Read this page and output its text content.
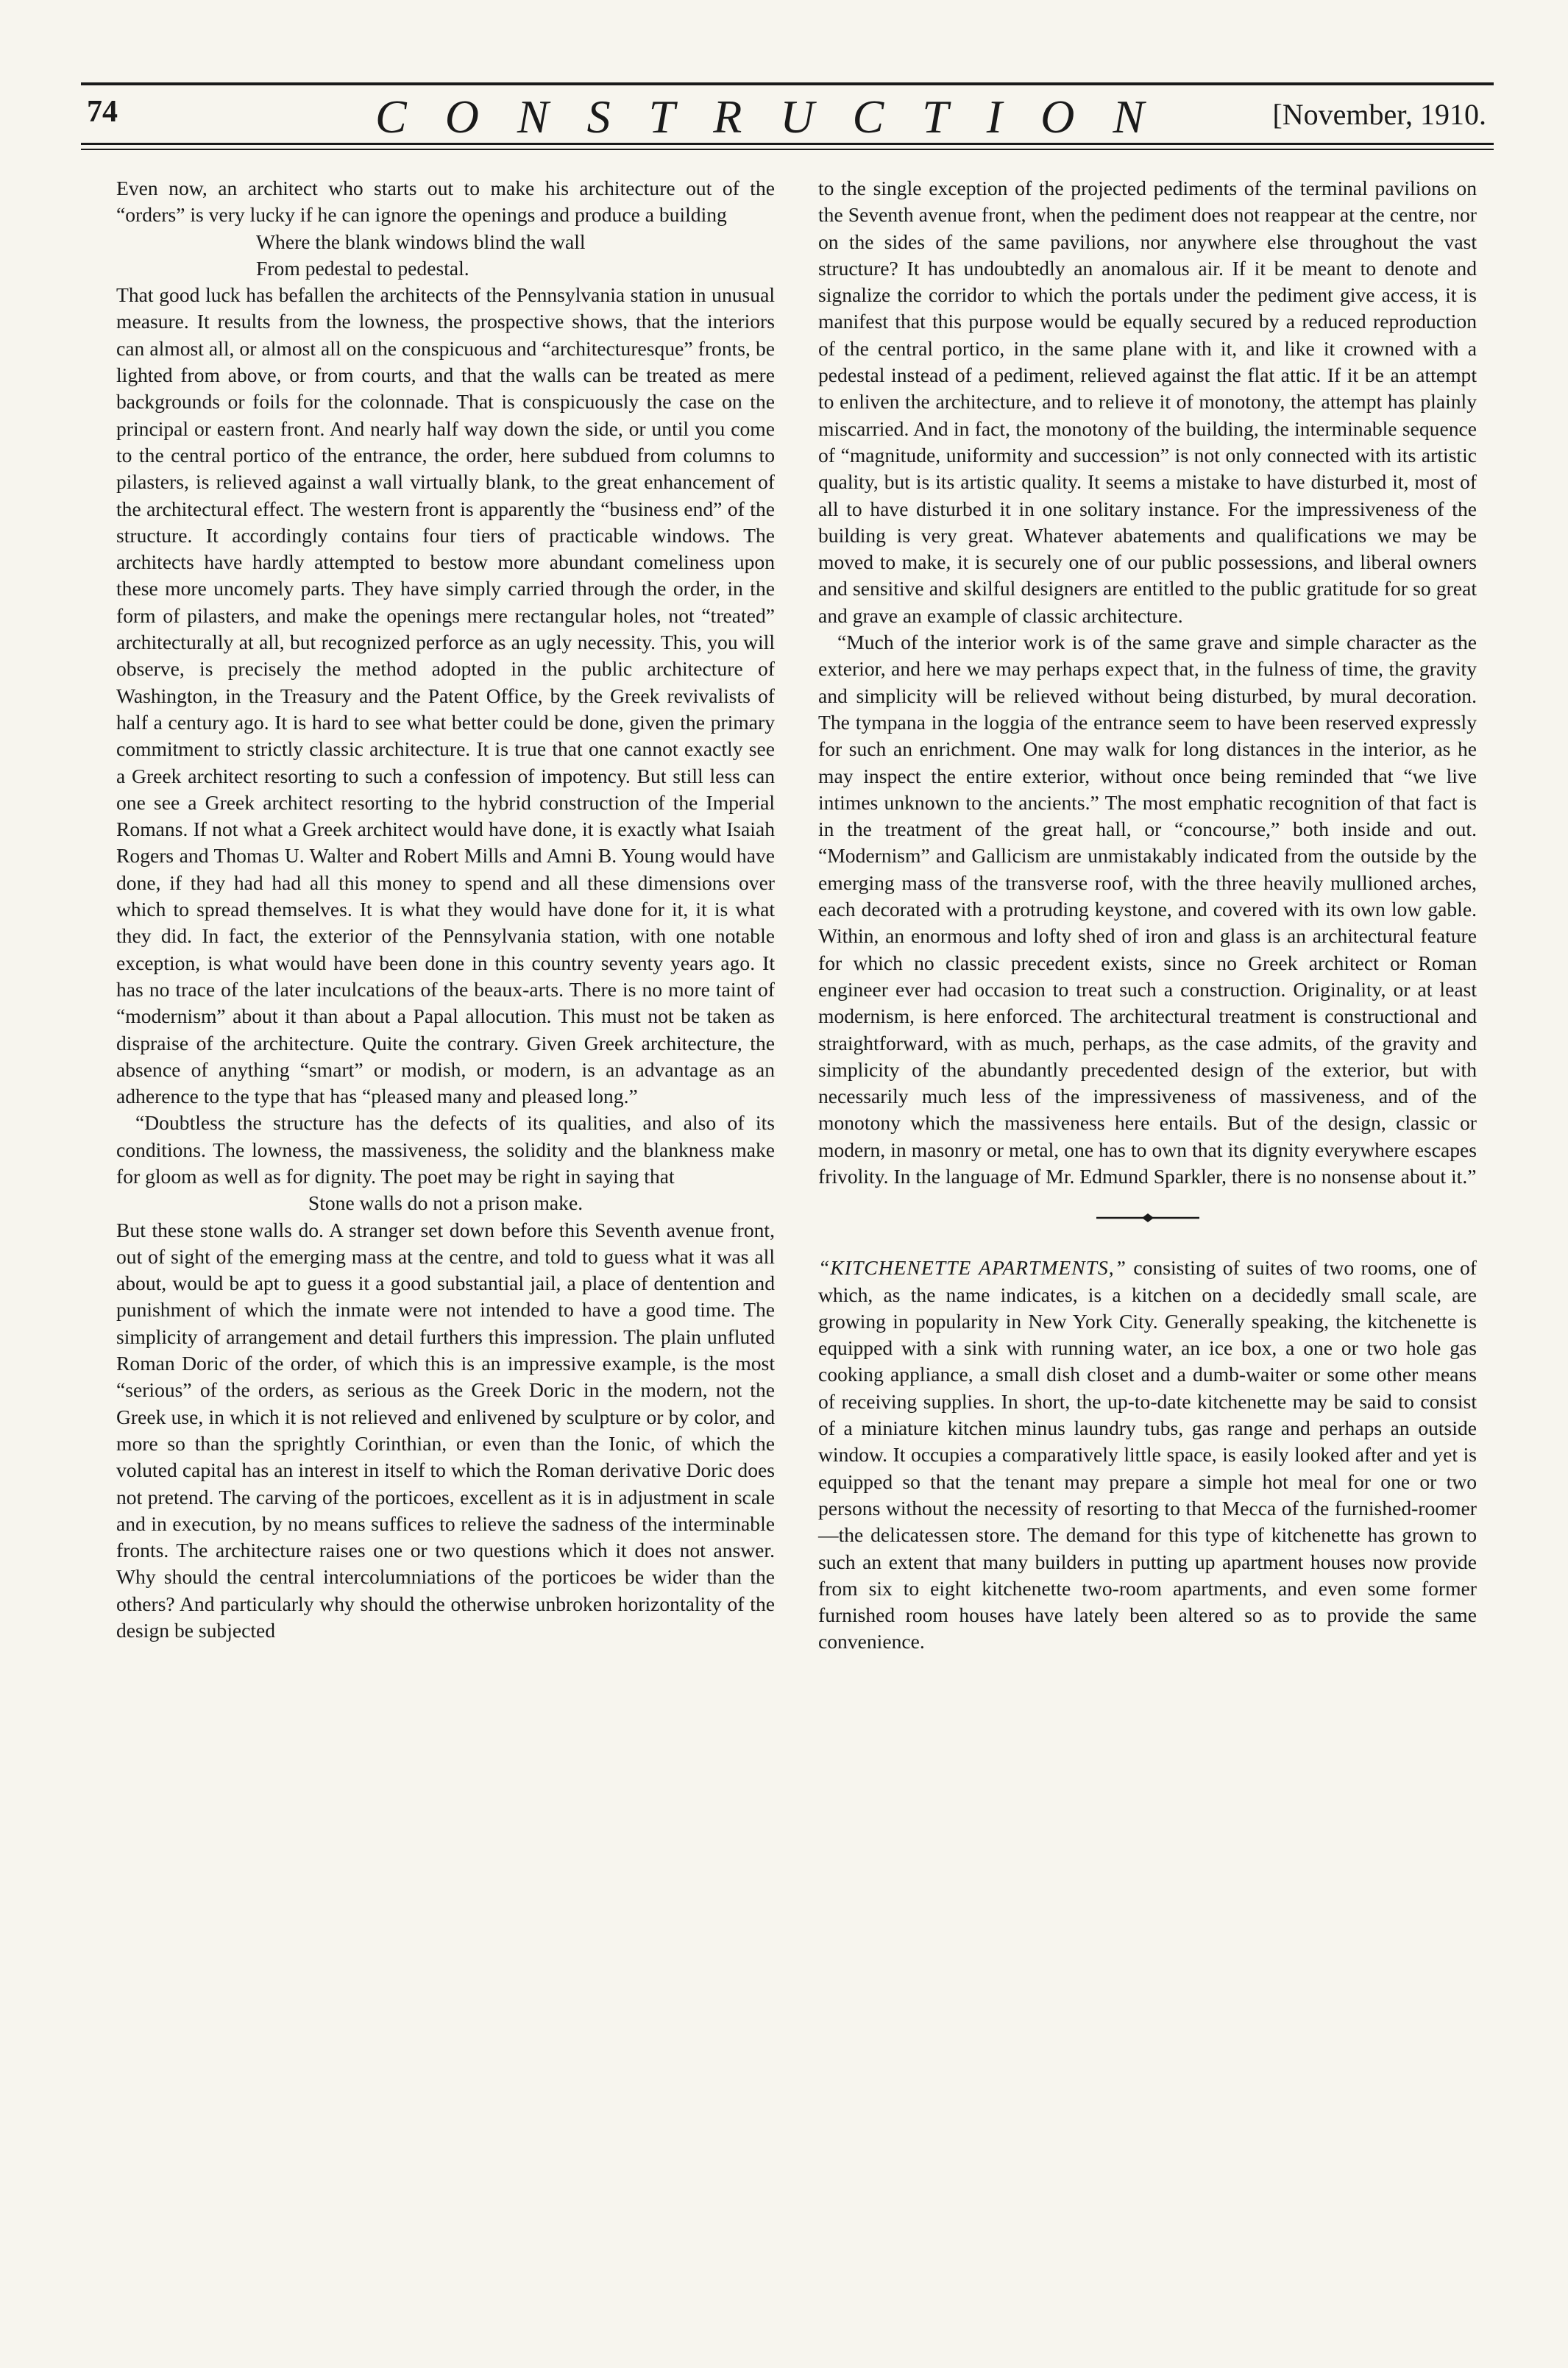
74	CONSTRUCTION	[November, 1910.

Even now, an architect who starts out to make his architecture out of the “orders” is very lucky if he can ignore the openings and produce a building

Where the blank windows blind the wall

From pedestal to pedestal.

That good luck has befallen the architects of the Pennsylvania station in unusual measure. It results from the lowness, the prospective shows, that the interiors can almost all, or almost all on the conspicuous and “architecturesque” fronts, be lighted from above, or from courts, and that the walls can be treated as mere backgrounds or foils for the colonnade. That is conspicuously the case on the principal or eastern front. And nearly half way down the side, or until you come to the central portico of the entrance, the order, here subdued from columns to pilasters, is relieved against a wall virtually blank, to the great enhancement of the architectural effect. The western front is apparently the “business end” of the structure. It accordingly contains four tiers of practicable windows. The architects have hardly attempted to bestow more abundant comeliness upon these more uncomely parts. They have simply carried through the order, in the form of pilasters, and make the openings mere rectangular holes, not “treated” architecturally at all, but recognized perforce as an ugly necessity. This, you will observe, is precisely the method adopted in the public architecture of Washington, in the Treasury and the Patent Office, by the Greek revivalists of half a century ago. It is hard to see what better could be done, given the primary commitment to strictly classic architecture. It is true that one cannot exactly see a Greek architect resorting to such a confession of impotency. But still less can one see a Greek architect resorting to the hybrid construction of the Imperial Romans. If not what a Greek architect would have done, it is exactly what Isaiah Rogers and Thomas U. Walter and Robert Mills and Amni B. Young would have done, if they had had all this money to spend and all these dimensions over which to spread themselves. It is what they would have done for it, it is what they did. In fact, the exterior of the Pennsylvania station, with one notable exception, is what would have been done in this country seventy years ago. It has no trace of the later inculcations of the beaux-arts. There is no more taint of “modernism” about it than about a Papal allocution. This must not be taken as dispraise of the architecture. Quite the contrary. Given Greek architecture, the absence of anything “smart” or modish, or modern, is an advantage as an adherence to the type that has “pleased many and pleased long.”

“Doubtless the structure has the defects of its qualities, and also of its conditions. The lowness, the massiveness, the solidity and the blankness make for gloom as well as for dignity. The poet may be right in saying that

Stone walls do not a prison make.

But these stone walls do. A stranger set down before this Seventh avenue front, out of sight of the emerging mass at the centre, and told to guess what it was all about, would be apt to guess it a good substantial jail, a place of dentention and punishment of which the inmate were not intended to have a good time. The simplicity of arrangement and detail furthers this impression. The plain unfluted Roman Doric of the order, of which this is an impressive example, is the most “serious” of the orders, as serious as the Greek Doric in the modern, not the Greek use, in which it is not relieved and enlivened by sculpture or by color, and more so than the sprightly Corinthian, or even than the Ionic, of which the voluted capital has an interest in itself to which the Roman derivative Doric does not pretend. The carving of the porticoes, excellent as it is in adjustment in scale and in execution, by no means suffices to relieve the sadness of the interminable fronts. The architecture raises one or two questions which it does not answer. Why should the central intercolumniations of the porticoes be wider than the others? And particularly why should the otherwise unbroken horizontality of the design be subjected

to the single exception of the projected pediments of the terminal pavilions on the Seventh avenue front, when the pediment does not reappear at the centre, nor on the sides of the same pavilions, nor anywhere else throughout the vast structure? It has undoubtedly an anomalous air. If it be meant to denote and signalize the corridor to which the portals under the pediment give access, it is manifest that this purpose would be equally secured by a reduced reproduction of the central portico, in the same plane with it, and like it crowned with a pedestal instead of a pediment, relieved against the flat attic. If it be an attempt to enliven the architecture, and to relieve it of monotony, the attempt has plainly miscarried. And in fact, the monotony of the building, the interminable sequence of “magnitude, uniformity and succession” is not only connected with its artistic quality, but is its artistic quality. It seems a mistake to have disturbed it, most of all to have disturbed it in one solitary instance. For the impressiveness of the building is very great. Whatever abatements and qualifications we may be moved to make, it is securely one of our public possessions, and liberal owners and sensitive and skilful designers are entitled to the public gratitude for so great and grave an example of classic architecture.

“Much of the interior work is of the same grave and simple character as the exterior, and here we may perhaps expect that, in the fulness of time, the gravity and simplicity will be relieved without being disturbed, by mural decoration. The tympana in the loggia of the entrance seem to have been reserved expressly for such an enrichment. One may walk for long distances in the interior, as he may inspect the entire exterior, without once being reminded that “we live intimes unknown to the ancients.” The most emphatic recognition of that fact is in the treatment of the great hall, or “concourse,” both inside and out. “Modernism” and Gallicism are unmistakably indicated from the outside by the emerging mass of the transverse roof, with the three heavily mullioned arches, each decorated with a protruding keystone, and covered with its own low gable. Within, an enormous and lofty shed of iron and glass is an architectural feature for which no classic precedent exists, since no Greek architect or Roman engineer ever had occasion to treat such a construction. Originality, or at least modernism, is here enforced. The architectural treatment is constructional and straightforward, with as much, perhaps, as the case admits, of the gravity and simplicity of the abundantly precedented design of the exterior, but with necessarily much less of the impressiveness of massiveness, and of the monotony which the massiveness here entails. But of the design, classic or modern, in masonry or metal, one has to own that its dignity everywhere escapes frivolity. In the language of Mr. Edmund Sparkler, there is no nonsense about it.”

“KITCHENETTE APARTMENTS,” consisting of suites of two rooms, one of which, as the name indicates, is a kitchen on a decidedly small scale, are growing in popularity in New York City. Generally speaking, the kitchenette is equipped with a sink with running water, an ice box, a one or two hole gas cooking appliance, a small dish closet and a dumb-waiter or some other means of receiving supplies. In short, the up-to-date kitchenette may be said to consist of a miniature kitchen minus laundry tubs, gas range and perhaps an outside window. It occupies a comparatively little space, is easily looked after and yet is equipped so that the tenant may prepare a simple hot meal for one or two persons without the necessity of resorting to that Mecca of the furnished-roomer—the delicatessen store. The demand for this type of kitchenette has grown to such an extent that many builders in putting up apartment houses now provide from six to eight kitchenette two-room apartments, and even some former furnished room houses have lately been altered so as to provide the same convenience.
